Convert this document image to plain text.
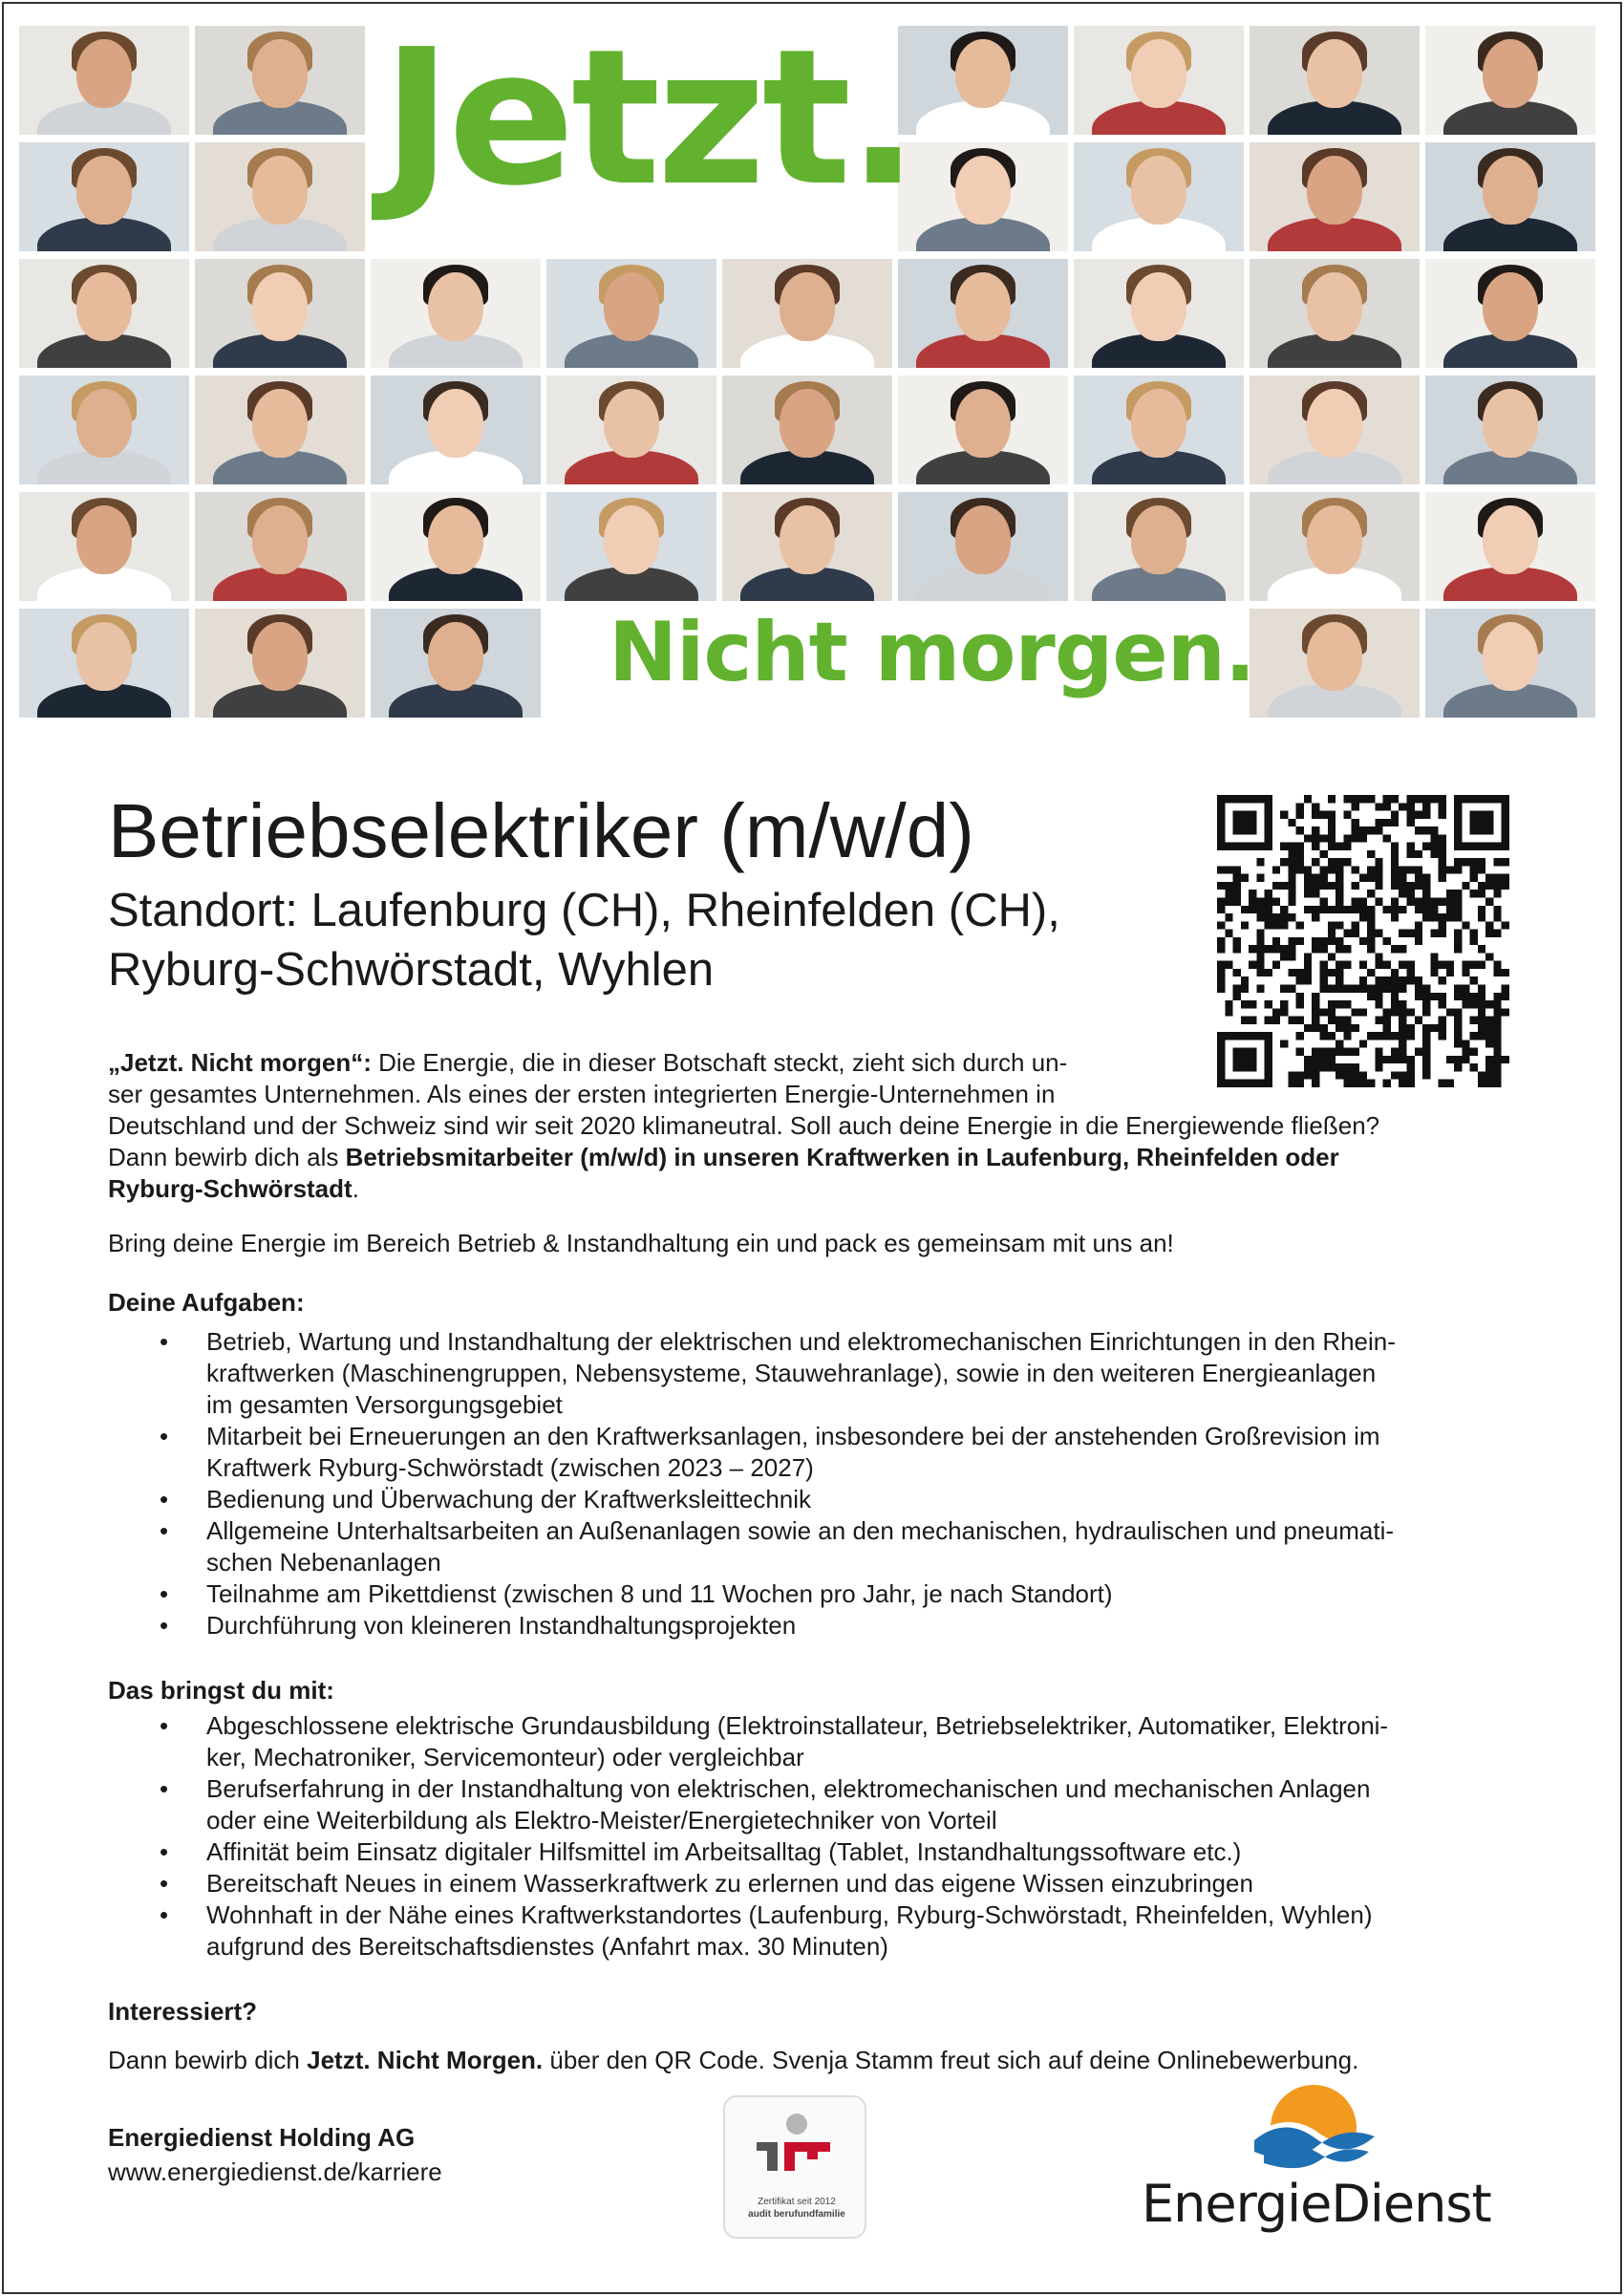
Jetzt.
Nicht morgen.
Betriebselektriker (m/w/d)
Standort: Laufenburg (CH), Rheinfelden (CH),
Ryburg-Schwörstadt, Wyhlen
„Jetzt. Nicht morgen“: Die Energie, die in dieser Botschaft steckt, zieht sich durch un-
ser gesamtes Unternehmen. Als eines der ersten integrierten Energie-Unternehmen in
Deutschland und der Schweiz sind wir seit 2020 klimaneutral. Soll auch deine Energie in die Energiewende fließen?
Dann bewirb dich als Betriebsmitarbeiter (m/w/d) in unseren Kraftwerken in Laufenburg, Rheinfelden oder
Ryburg-Schwörstadt.
Bring deine Energie im Bereich Betrieb & Instandhaltung ein und pack es gemeinsam mit uns an!
Deine Aufgaben:
• Betrieb, Wartung und Instandhaltung der elektrischen und elektromechanischen Einrichtungen in den Rhein-
kraftwerken (Maschinengruppen, Nebensysteme, Stauwehranlage), sowie in den weiteren Energieanlagen
im gesamten Versorgungsgebiet
• Mitarbeit bei Erneuerungen an den Kraftwerksanlagen, insbesondere bei der anstehenden Großrevision im
Kraftwerk Ryburg-Schwörstadt (zwischen 2023 – 2027)
• Bedienung und Überwachung der Kraftwerksleittechnik
• Allgemeine Unterhaltsarbeiten an Außenanlagen sowie an den mechanischen, hydraulischen und pneumati-
schen Nebenanlagen
• Teilnahme am Pikettdienst (zwischen 8 und 11 Wochen pro Jahr, je nach Standort)
• Durchführung von kleineren Instandhaltungsprojekten
Das bringst du mit:
• Abgeschlossene elektrische Grundausbildung (Elektroinstallateur, Betriebselektriker, Automatiker, Elektroni-
ker, Mechatroniker, Servicemonteur) oder vergleichbar
• Berufserfahrung in der Instandhaltung von elektrischen, elektromechanischen und mechanischen Anlagen
oder eine Weiterbildung als Elektro-Meister/Energietechniker von Vorteil
• Affinität beim Einsatz digitaler Hilfsmittel im Arbeitsalltag (Tablet, Instandhaltungssoftware etc.)
• Bereitschaft Neues in einem Wasserkraftwerk zu erlernen und das eigene Wissen einzubringen
• Wohnhaft in der Nähe eines Kraftwerkstandortes (Laufenburg, Ryburg-Schwörstadt, Rheinfelden, Wyhlen)
aufgrund des Bereitschaftsdienstes (Anfahrt max. 30 Minuten)
Interessiert?
Dann bewirb dich Jetzt. Nicht Morgen. über den QR Code. Svenja Stamm freut sich auf deine Onlinebewerbung.
Energiedienst Holding AG
www.energiedienst.de/karriere
Zertifikat seit 2012
audit berufundfamilie	EnergieDienst
